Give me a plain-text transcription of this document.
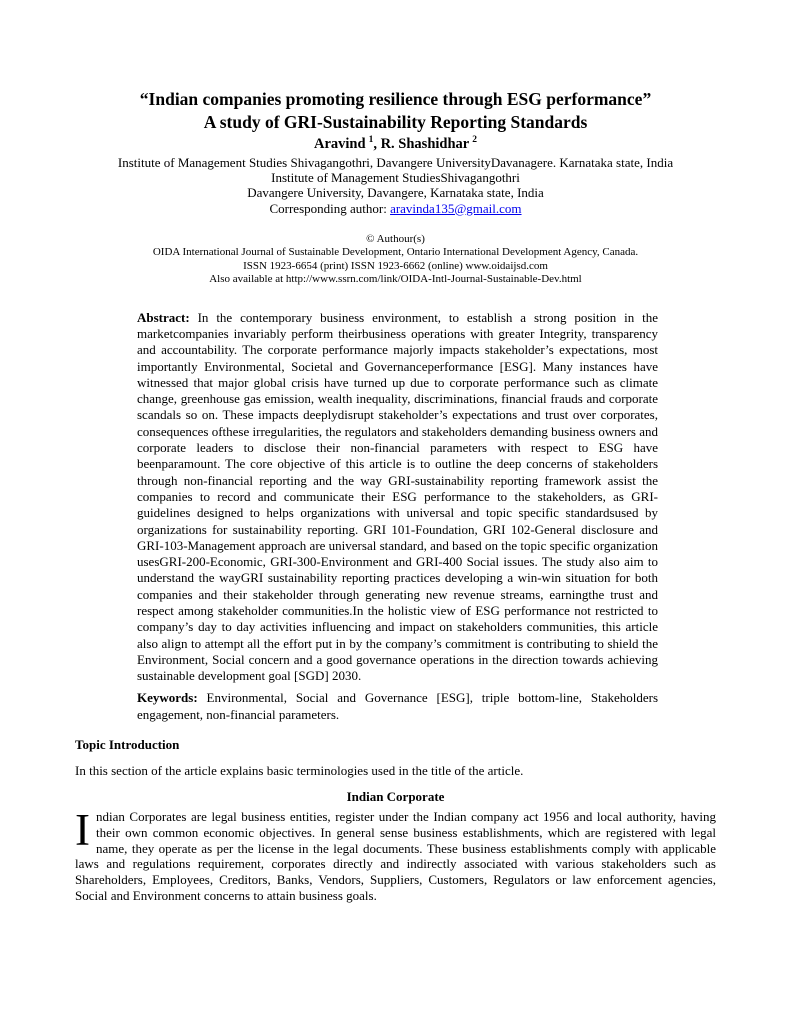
“Indian companies promoting resilience through ESG performance”

A study of GRI-Sustainability Reporting Standards

Aravind $^1$, R. Shashidhar $^2$

Institute of Management Studies Shivagangothri, Davangere UniversityDavanagere. Karnataka state, India

Institute of Management StudiesShivagangothri

Davangere University, Davangere, Karnataka state, India

Corresponding author: aravinda135@gmail.com

© Authour(s)

OIDA International Journal of Sustainable Development, Ontario International Development Agency, Canada.

ISSN 1923-6654 (print) ISSN 1923-6662 (online) www.oidaijsd.com

Also available at http://www.ssrn.com/link/OIDA-Intl-Journal-Sustainable-Dev.html

Abstract: In the contemporary business environment, to establish a strong position in the marketcompanies invariably perform theirbusiness operations with greater Integrity, transparency and accountability. The corporate performance majorly impacts stakeholder’s expectations, most importantly Environmental, Societal and Governanceperformance [ESG]. Many instances have witnessed that major global crisis have turned up due to corporate performance such as climate change, greenhouse gas emission, wealth inequality, discriminations, financial frauds and corporate scandals so on. These impacts deeplydisrupt stakeholder’s expectations and trust over corporates, consequences ofthese irregularities, the regulators and stakeholders demanding business owners and corporate leaders to disclose their non-financial parameters with respect to ESG have beenparamount. The core objective of this article is to outline the deep concerns of stakeholders through non-financial reporting and the way GRI-sustainability reporting framework assist the companies to record and communicate their ESG performance to the stakeholders, as GRI-guidelines designed to helps organizations with universal and topic specific standardsused by organizations for sustainability reporting. GRI 101-Foundation, GRI 102-General disclosure and GRI-103-Management approach are universal standard, and based on the topic specific organization usesGRI-200-Economic, GRI-300-Environment and GRI-400 Social issues. The study also aim to understand the wayGRI sustainability reporting practices developing a win-win situation for both companies and their stakeholder through generating new revenue streams, earningthe trust and respect among stakeholder communities.In the holistic view of ESG performance not restricted to company’s day to day activities influencing and impact on stakeholders communities, this article also align to attempt all the effort put in by the company’s commitment is contributing to shield the Environment, Social concern and a good governance operations in the direction towards achieving sustainable development goal [SGD] 2030.

Keywords: Environmental, Social and Governance [ESG], triple bottom-line, Stakeholders engagement, non-financial parameters.

Topic Introduction

In this section of the article explains basic terminologies used in the title of the article.

Indian Corporate

Indian Corporates are legal business entities, register under the Indian company act 1956 and local authority, having their own common economic objectives. In general sense business establishments, which are registered with legal name, they operate as per the license in the legal documents. These business establishments comply with applicable laws and regulations requirement, corporates directly and indirectly associated with various stakeholders such as Shareholders, Employees, Creditors, Banks, Vendors, Suppliers, Customers, Regulators or law enforcement agencies, Social and Environment concerns to attain business goals.
